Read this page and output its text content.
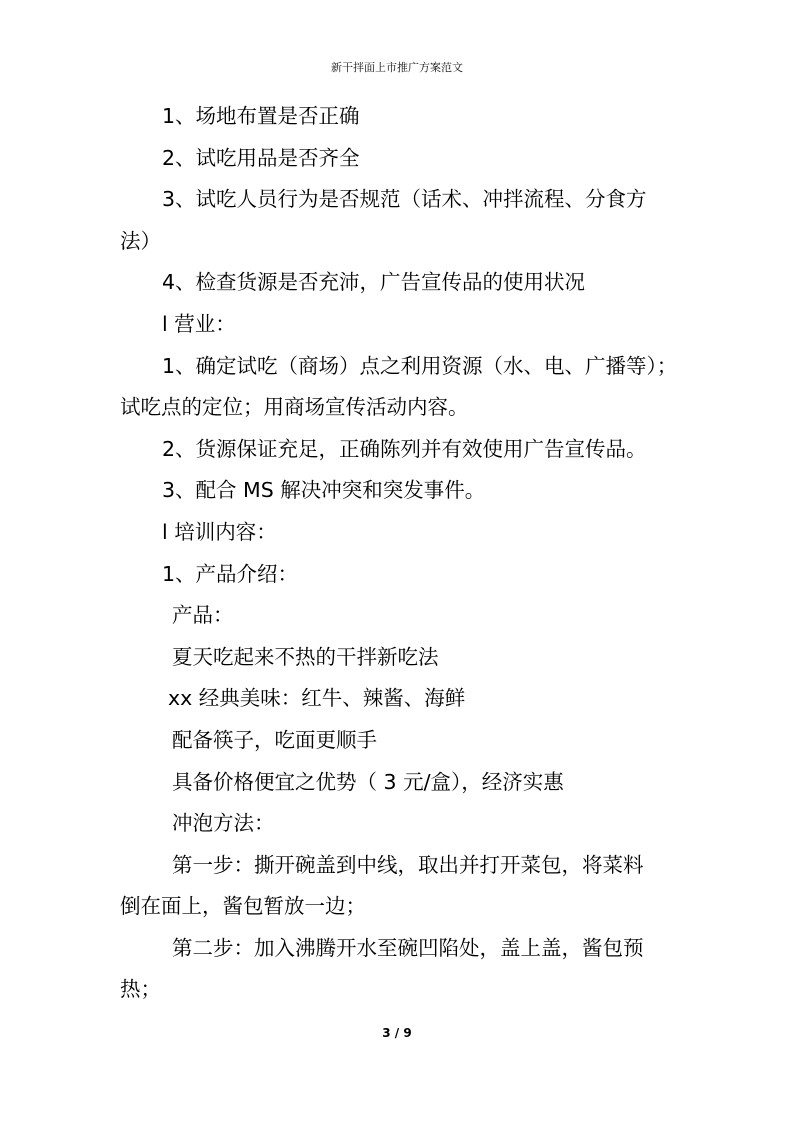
新干拌面上市推广方案范文
1、场地布置是否正确
2、试吃用品是否齐全
3、试吃人员行为是否规范（话术、冲拌流程、分食方
法）
4、检查货源是否充沛，广告宣传品的使用状况
l 营业：
1、确定试吃（商场）点之利用资源（水、电、广播等）；
试吃点的定位；用商场宣传活动内容。
2、货源保证充足，正确陈列并有效使用广告宣传品。
3、配合 MS 解决冲突和突发事件。
l 培训内容：
1、产品介绍：
产品：
夏天吃起来不热的干拌新吃法
xx 经典美味：红牛、辣酱、海鲜
配备筷子，吃面更顺手
具备价格便宜之优势（ 3 元/盒），经济实惠
冲泡方法：
第一步：撕开碗盖到中线，取出并打开菜包，将菜料
倒在面上，酱包暂放一边；
第二步：加入沸腾开水至碗凹陷处，盖上盖，酱包预
热；
3 / 9
